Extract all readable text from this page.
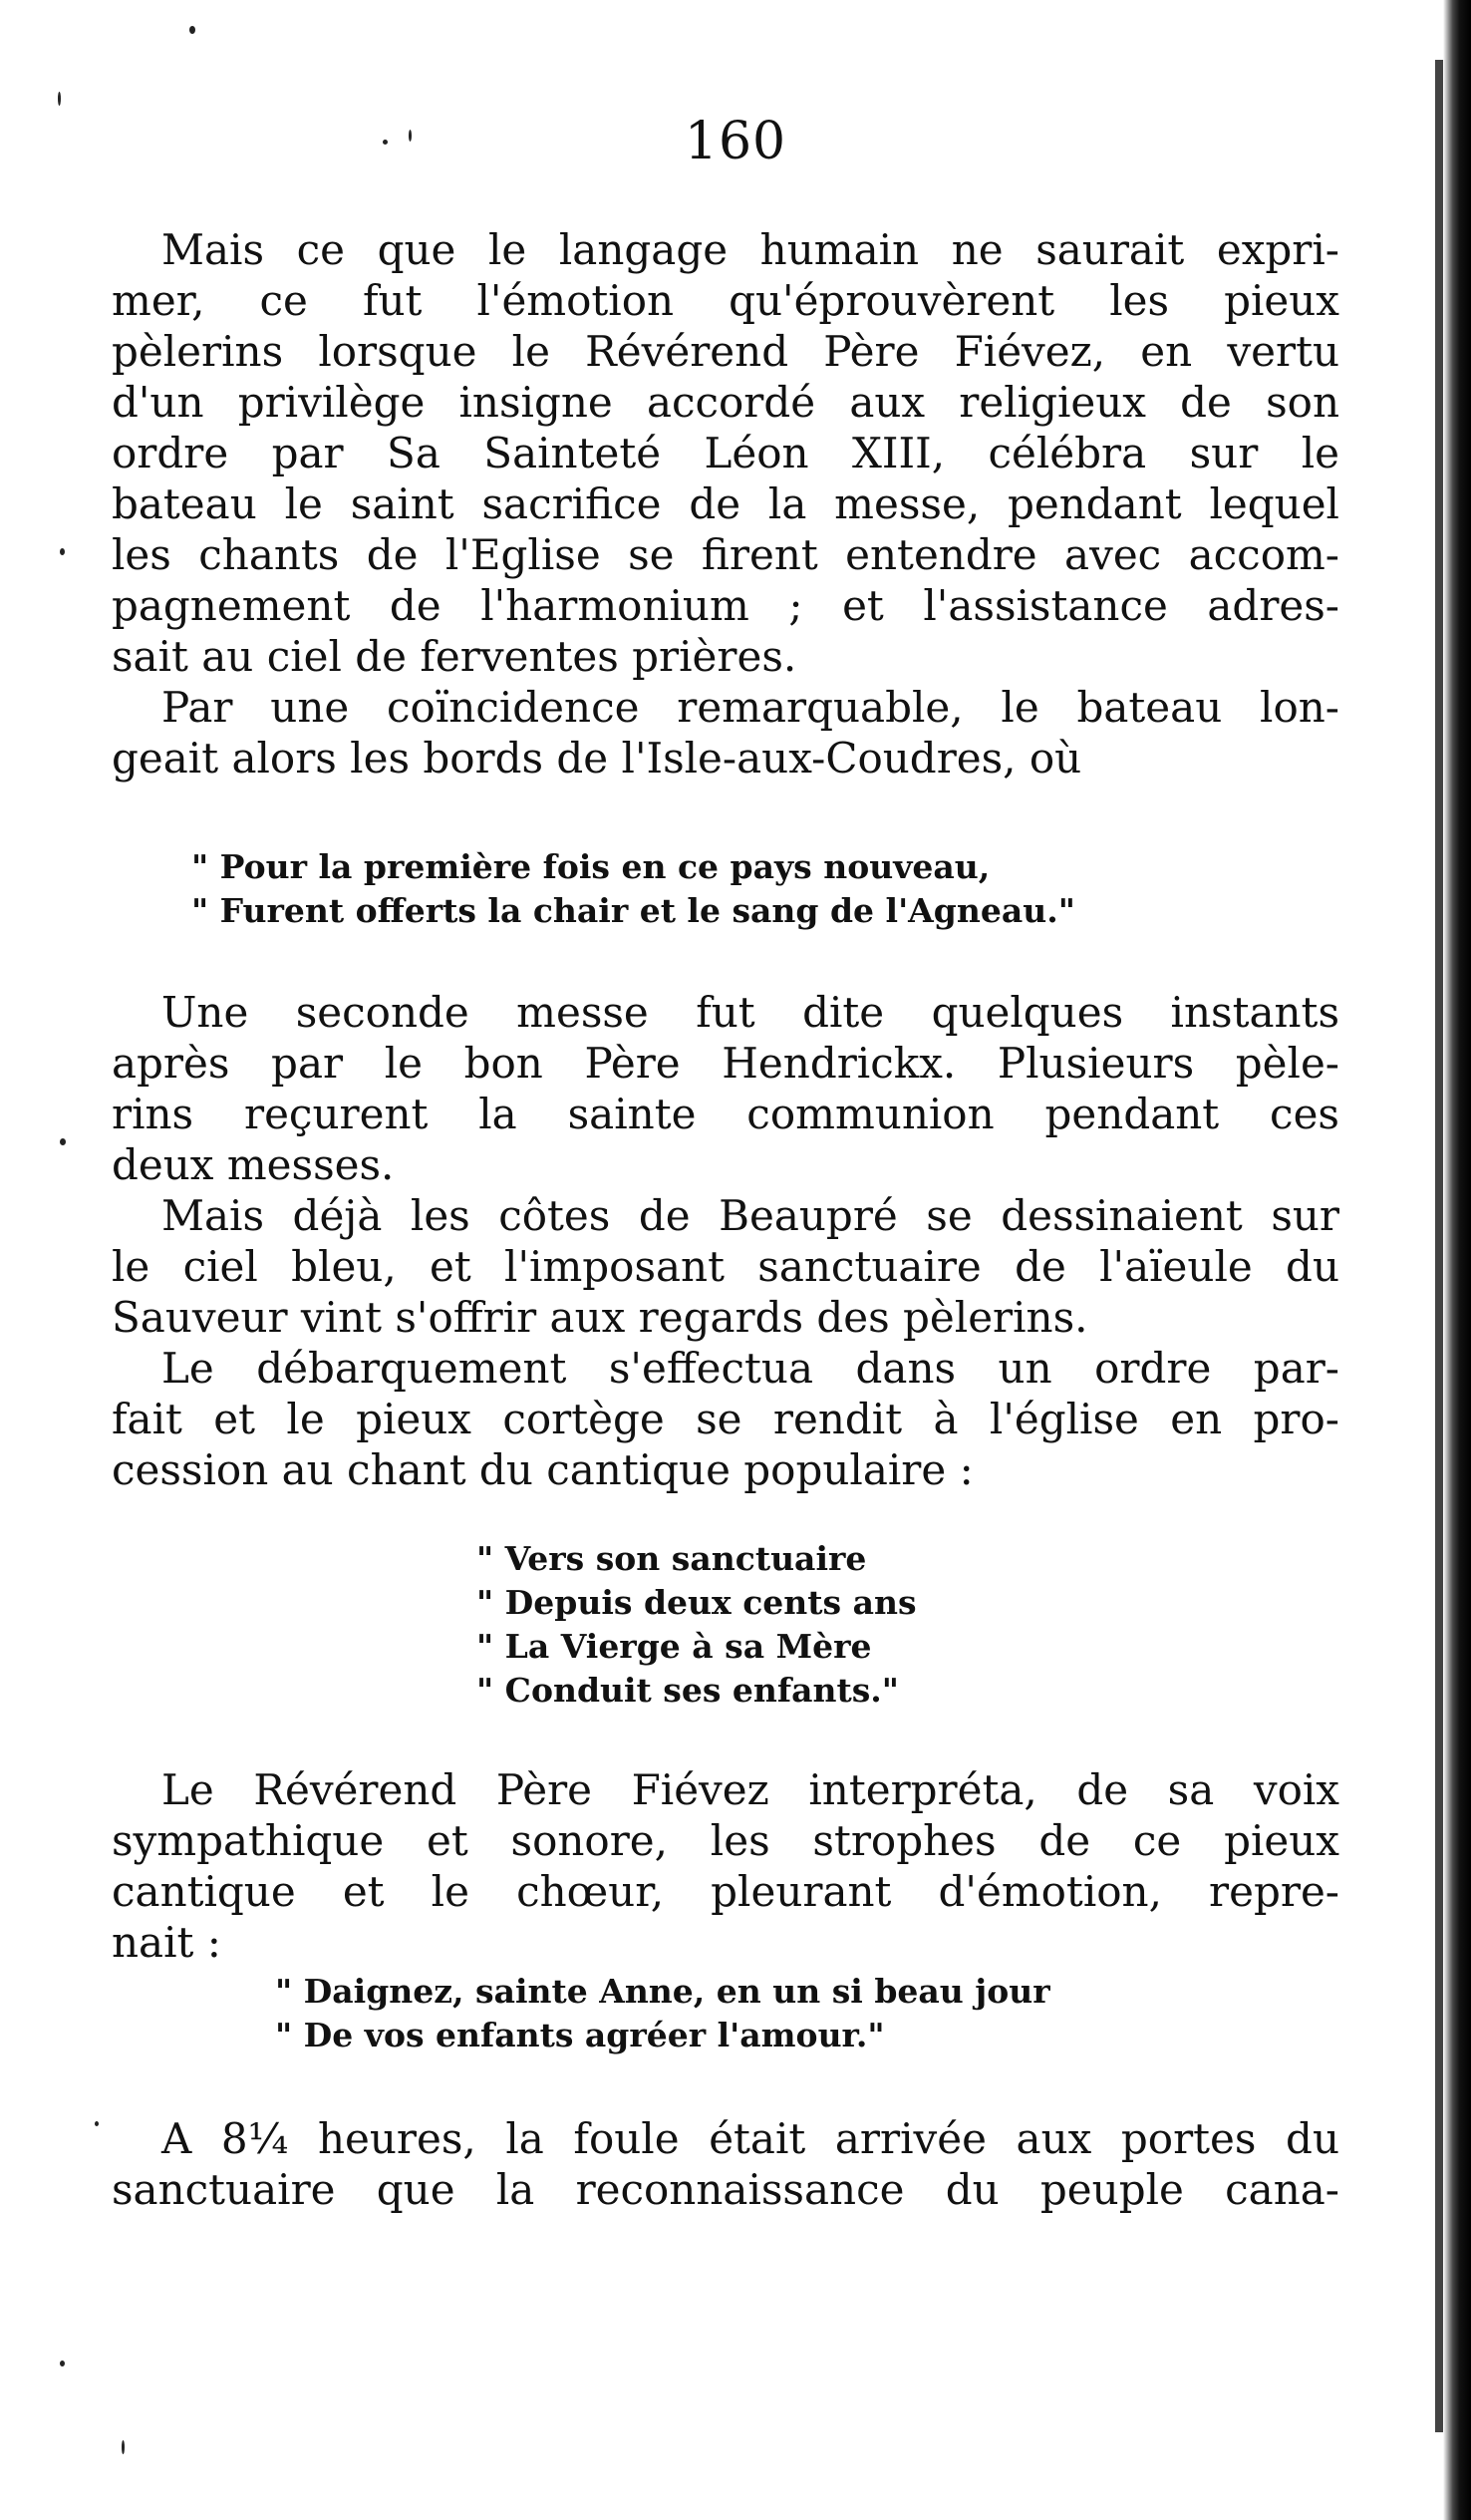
160
Mais ce que le langage humain ne saurait expri-
mer, ce fut l'émotion qu'éprouvèrent les pieux
pèlerins lorsque le Révérend Père Fiévez, en vertu
d'un privilège insigne accordé aux religieux de son
ordre par Sa Sainteté Léon XIII, célébra sur le
bateau le saint sacrifice de la messe, pendant lequel
les chants de l'Eglise se firent entendre avec accom-
pagnement de l'harmonium ; et l'assistance adres-
sait au ciel de ferventes prières.
Par une coïncidence remarquable, le bateau lon-
geait alors les bords de l'Isle-aux-Coudres, où
" Pour la première fois en ce pays nouveau,
" Furent offerts la chair et le sang de l'Agneau."
Une seconde messe fut dite quelques instants
après par le bon Père Hendrickx. Plusieurs pèle-
rins reçurent la sainte communion pendant ces
deux messes.
Mais déjà les côtes de Beaupré se dessinaient sur
le ciel bleu, et l'imposant sanctuaire de l'aïeule du
Sauveur vint s'offrir aux regards des pèlerins.
Le débarquement s'effectua dans un ordre par-
fait et le pieux cortège se rendit à l'église en pro-
cession au chant du cantique populaire :
" Vers son sanctuaire
" Depuis deux cents ans
" La Vierge à sa Mère
" Conduit ses enfants."
Le Révérend Père Fiévez interpréta, de sa voix
sympathique et sonore, les strophes de ce pieux
cantique et le chœur, pleurant d'émotion, repre-
nait :
" Daignez, sainte Anne, en un si beau jour
" De vos enfants agréer l'amour."
A 8¼ heures, la foule était arrivée aux portes du
sanctuaire que la reconnaissance du peuple cana-
